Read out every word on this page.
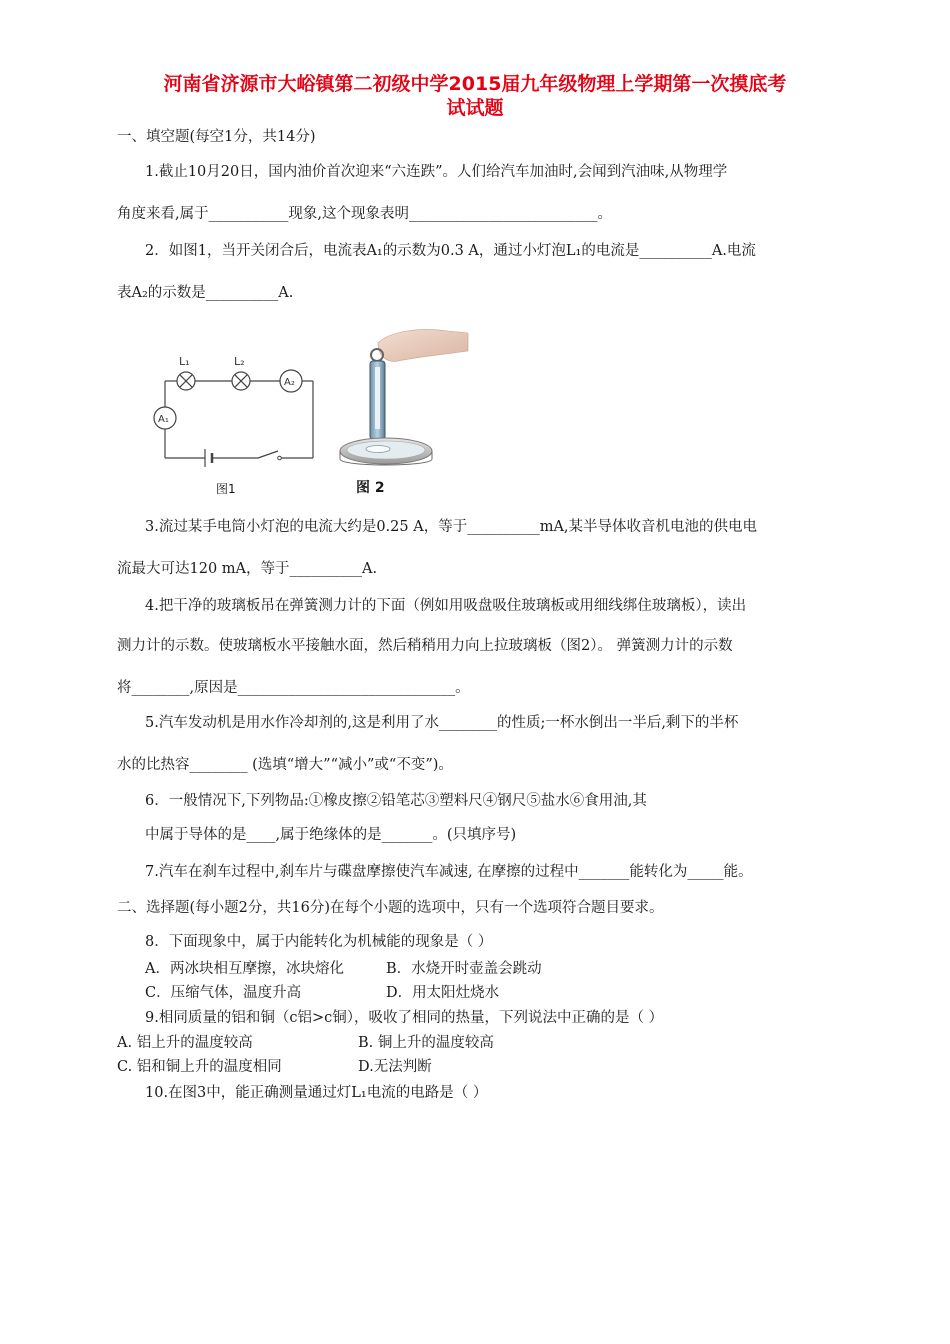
河南省济源市大峪镇第二初级中学2015届九年级物理上学期第一次摸底考
试试题
一、填空题(每空1分，共14分)
1.截止10月20日，国内油价首次迎来“六连跌”。人们给汽车加油时,会闻到汽油味,从物理学
角度来看,属于___________现象,这个现象表明__________________________。
2．如图1，当开关闭合后，电流表A₁的示数为0.3 A，通过小灯泡L₁的电流是__________A.电流
表A₂的示数是__________A.
L₁	L₂
A₂
A₁
图1	图 2
3.流过某手电筒小灯泡的电流大约是0.25 A，等于__________mA,某半导体收音机电池的供电电
流最大可达120 mA，等于__________A.
4.把干净的玻璃板吊在弹簧测力计的下面（例如用吸盘吸住玻璃板或用细线绑住玻璃板），读出
测力计的示数。使玻璃板水平接触水面，然后稍稍用力向上拉玻璃板（图2）。 弹簧测力计的示数
将________,原因是______________________________。
5.汽车发动机是用水作冷却剂的,这是利用了水________的性质;一杯水倒出一半后,剩下的半杯
水的比热容________ (选填“增大”“减小”或“不变”)。
6．一般情况下,下列物品:①橡皮擦②铅笔芯③塑料尺④钢尺⑤盐水⑥食用油,其
中属于导体的是____,属于绝缘体的是_______。(只填序号)
7.汽车在刹车过程中,刹车片与碟盘摩擦使汽车减速, 在摩擦的过程中_______能转化为_____能。
二、选择题(每小题2分，共16分)在每个小题的选项中，只有一个选项符合题目要求。
8．下面现象中，属于内能转化为机械能的现象是（ ）
A．两冰块相互摩擦，冰块熔化	B．水烧开时壶盖会跳动
C．压缩气体，温度升高	D．用太阳灶烧水
9.相同质量的铝和铜（c铝>c铜），吸收了相同的热量，下列说法中正确的是（ ）
A. 铝上升的温度较高	B. 铜上升的温度较高
C. 铝和铜上升的温度相同	D.无法判断
10.在图3中，能正确测量通过灯L₁电流的电路是（ ）
